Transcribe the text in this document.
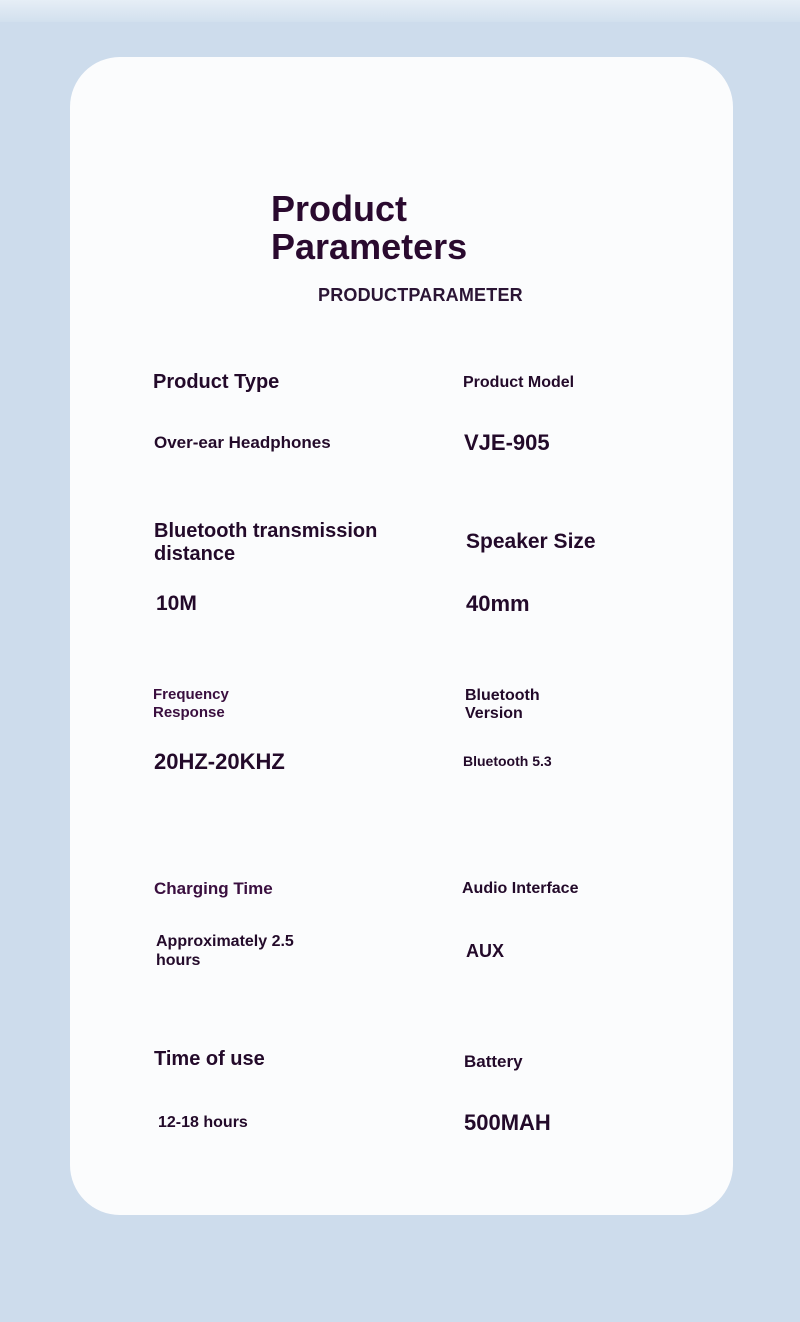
Product Parameters
PRODUCTPARAMETER
Product Type
Over-ear Headphones
Product Model
VJE-905
Bluetooth transmission distance
10M
Speaker Size
40mm
Frequency Response
20HZ-20KHZ
Bluetooth Version
Bluetooth 5.3
Charging Time
Approximately 2.5 hours
Audio Interface
AUX
Time of use
12-18 hours
Battery
500MAH
